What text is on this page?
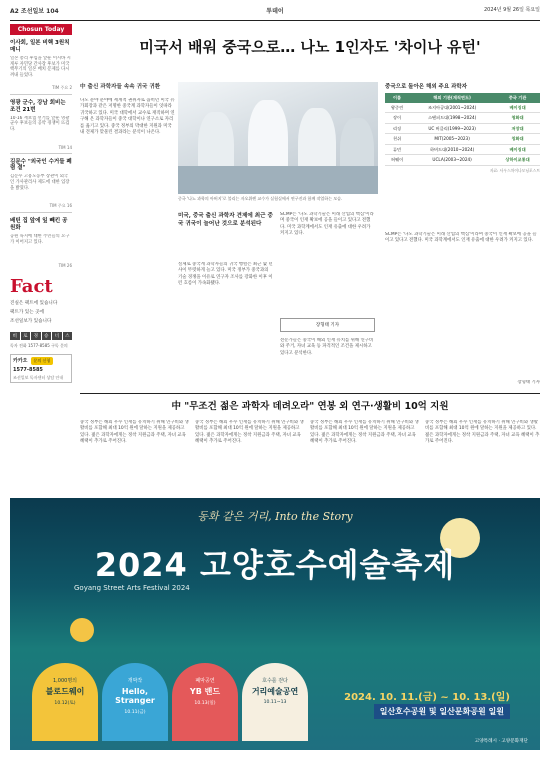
A2 조선일보 104	투데이	2024년 9월 26일 목요일
Chosun Today
이사회, 일본 비핵 3원칙 매니
일본 총리 후임을 앞둔 이시바 시게루 자민당 간사장 후보가 미국 핵무기의 일본 배치 문제를 다시 꺼내 들었다.
TIM 주요 2
영광 군수, 강남 회비는 조건 21번
10·16 재보궐 선거를 앞둔 영광 군수 후보들의 공약 경쟁이 뜨겁다.
TIM 14
김문수 "외국인 수거들 폐렴 결"
김문수 고용노동부 장관이 외국인 가사관리사 제도에 대한 입장을 밝혔다.
TIM 주요 16
배틴 집 앞에 잎 빼킨 공원화
공원 녹지에 대한 주민들의 요구가 이어지고 있다.
TIM 26
Fact
진실은 팩트에 있습니다
팩트가 있는 곳에
조선일보가 있습니다
비	로	경	승	너	스
독자 전화 1577-8585 구독 문의
카카오	문의 신청
1577-8585
조선일보 독자센터 상담 안내
미국서 배워 중국으로… 나노 1인자도 '차이나 유턴'
中 출신 과학자들 속속 귀국 귀환
나노 분야 분야에 세계적 권위자로 꼽히던 미국 유가회장과 같은 저명한 중국계 과학자들이 잇따라 귀국하고 있다. 미국 대학에서 교수로 재직하며 연구해 온 과학자들이 중국 대학이나 연구소로 자리를 옮기고 있다. 중국 정부의 막대한 지원과 미국 내 견제가 맞물린 결과라는 분석이 나온다.
중국 '나노 과학의 아버지'로 불리는 자오위롄 교수가 실험실에서 연구진과 함께 작업하는 모습.
미국, 중국 출신 과학자 견제에 최근 중국 귀국이 늘어난 것으로 분석된다
실제로 중국계 과학자들의 귀국 행렬은 최근 몇 년 사이 뚜렷하게 늘고 있다. 미국 정부가 중국과의 기술 경쟁을 이유로 연구자 조사를 강화한 이후 이런 흐름이 가속화됐다.
SCMP는 '나노 과학기술은 미래 산업의 핵심'이라며 중국이 인재 확보에 공을 들이고 있다고 전했다. 미국 과학계에서도 인재 유출에 대한 우려가 커지고 있다.
장형태 기자
전문가들은 중국이 해외 인재 유치를 위해 연구비와 주거, 자녀 교육 등 파격적인 조건을 제시하고 있다고 분석한다.
중국으로 돌아온 해외 주요 과학자
이름	해외 기관(재직연도)	중국 기관
왕중린	조지아공대(2001~2024)	베이징대
장이	스탠퍼드대(1998~2024)	청화대
리징	UC 버클리(1999~2023)	저장대
천쉬	MIT(2005~2023)	칭화대
류민	하버드대(2010~2024)	베이징대
허웨이	UCLA(2003~2024)	상하이교통대
자료: 사우스차이나모닝포스트
SCMP는 '나노 과학기술은 미래 산업의 핵심'이라며 중국이 인재 확보에 공을 들이고 있다고 전했다. 미국 과학계에서도 인재 유출에 대한 우려가 커지고 있다.
장형태 기자
中 "무조건 젊은 과학자 데려오라" 연봉 외 연구·생활비 10억 지원
중국 정부는 해외 우수 인재를 유치하기 위해 연구비와 생활비를 포함해 최대 10억 원에 달하는 지원을 제공하고 있다. 젊은 과학자에게는 정착 지원금과 주택, 자녀 교육 혜택이 추가로 주어진다.
중국 정부는 해외 우수 인재를 유치하기 위해 연구비와 생활비를 포함해 최대 10억 원에 달하는 지원을 제공하고 있다. 젊은 과학자에게는 정착 지원금과 주택, 자녀 교육 혜택이 추가로 주어진다.
중국 정부는 해외 우수 인재를 유치하기 위해 연구비와 생활비를 포함해 최대 10억 원에 달하는 지원을 제공하고 있다. 젊은 과학자에게는 정착 지원금과 주택, 자녀 교육 혜택이 추가로 주어진다.
중국 정부는 해외 우수 인재를 유치하기 위해 연구비와 생활비를 포함해 최대 10억 원에 달하는 지원을 제공하고 있다. 젊은 과학자에게는 정착 지원금과 주택, 자녀 교육 혜택이 추가로 주어진다.
동화 같은 거리, Into the Story
2024 고양호수예술축제
Goyang Street Arts Festival 2024
1,000명의
블로드웨이
10.12(토)
개막작
Hello, Stranger
10.11(금)
폐막공연
YB 밴드
10.13(일)
호수를 걷다
거리예술공연
10.11~13	2024. 10. 11.(금) ~ 10. 13.(일)
일산호수공원 및 일산문화공원 일원
고양특례시 · 고양문화재단
